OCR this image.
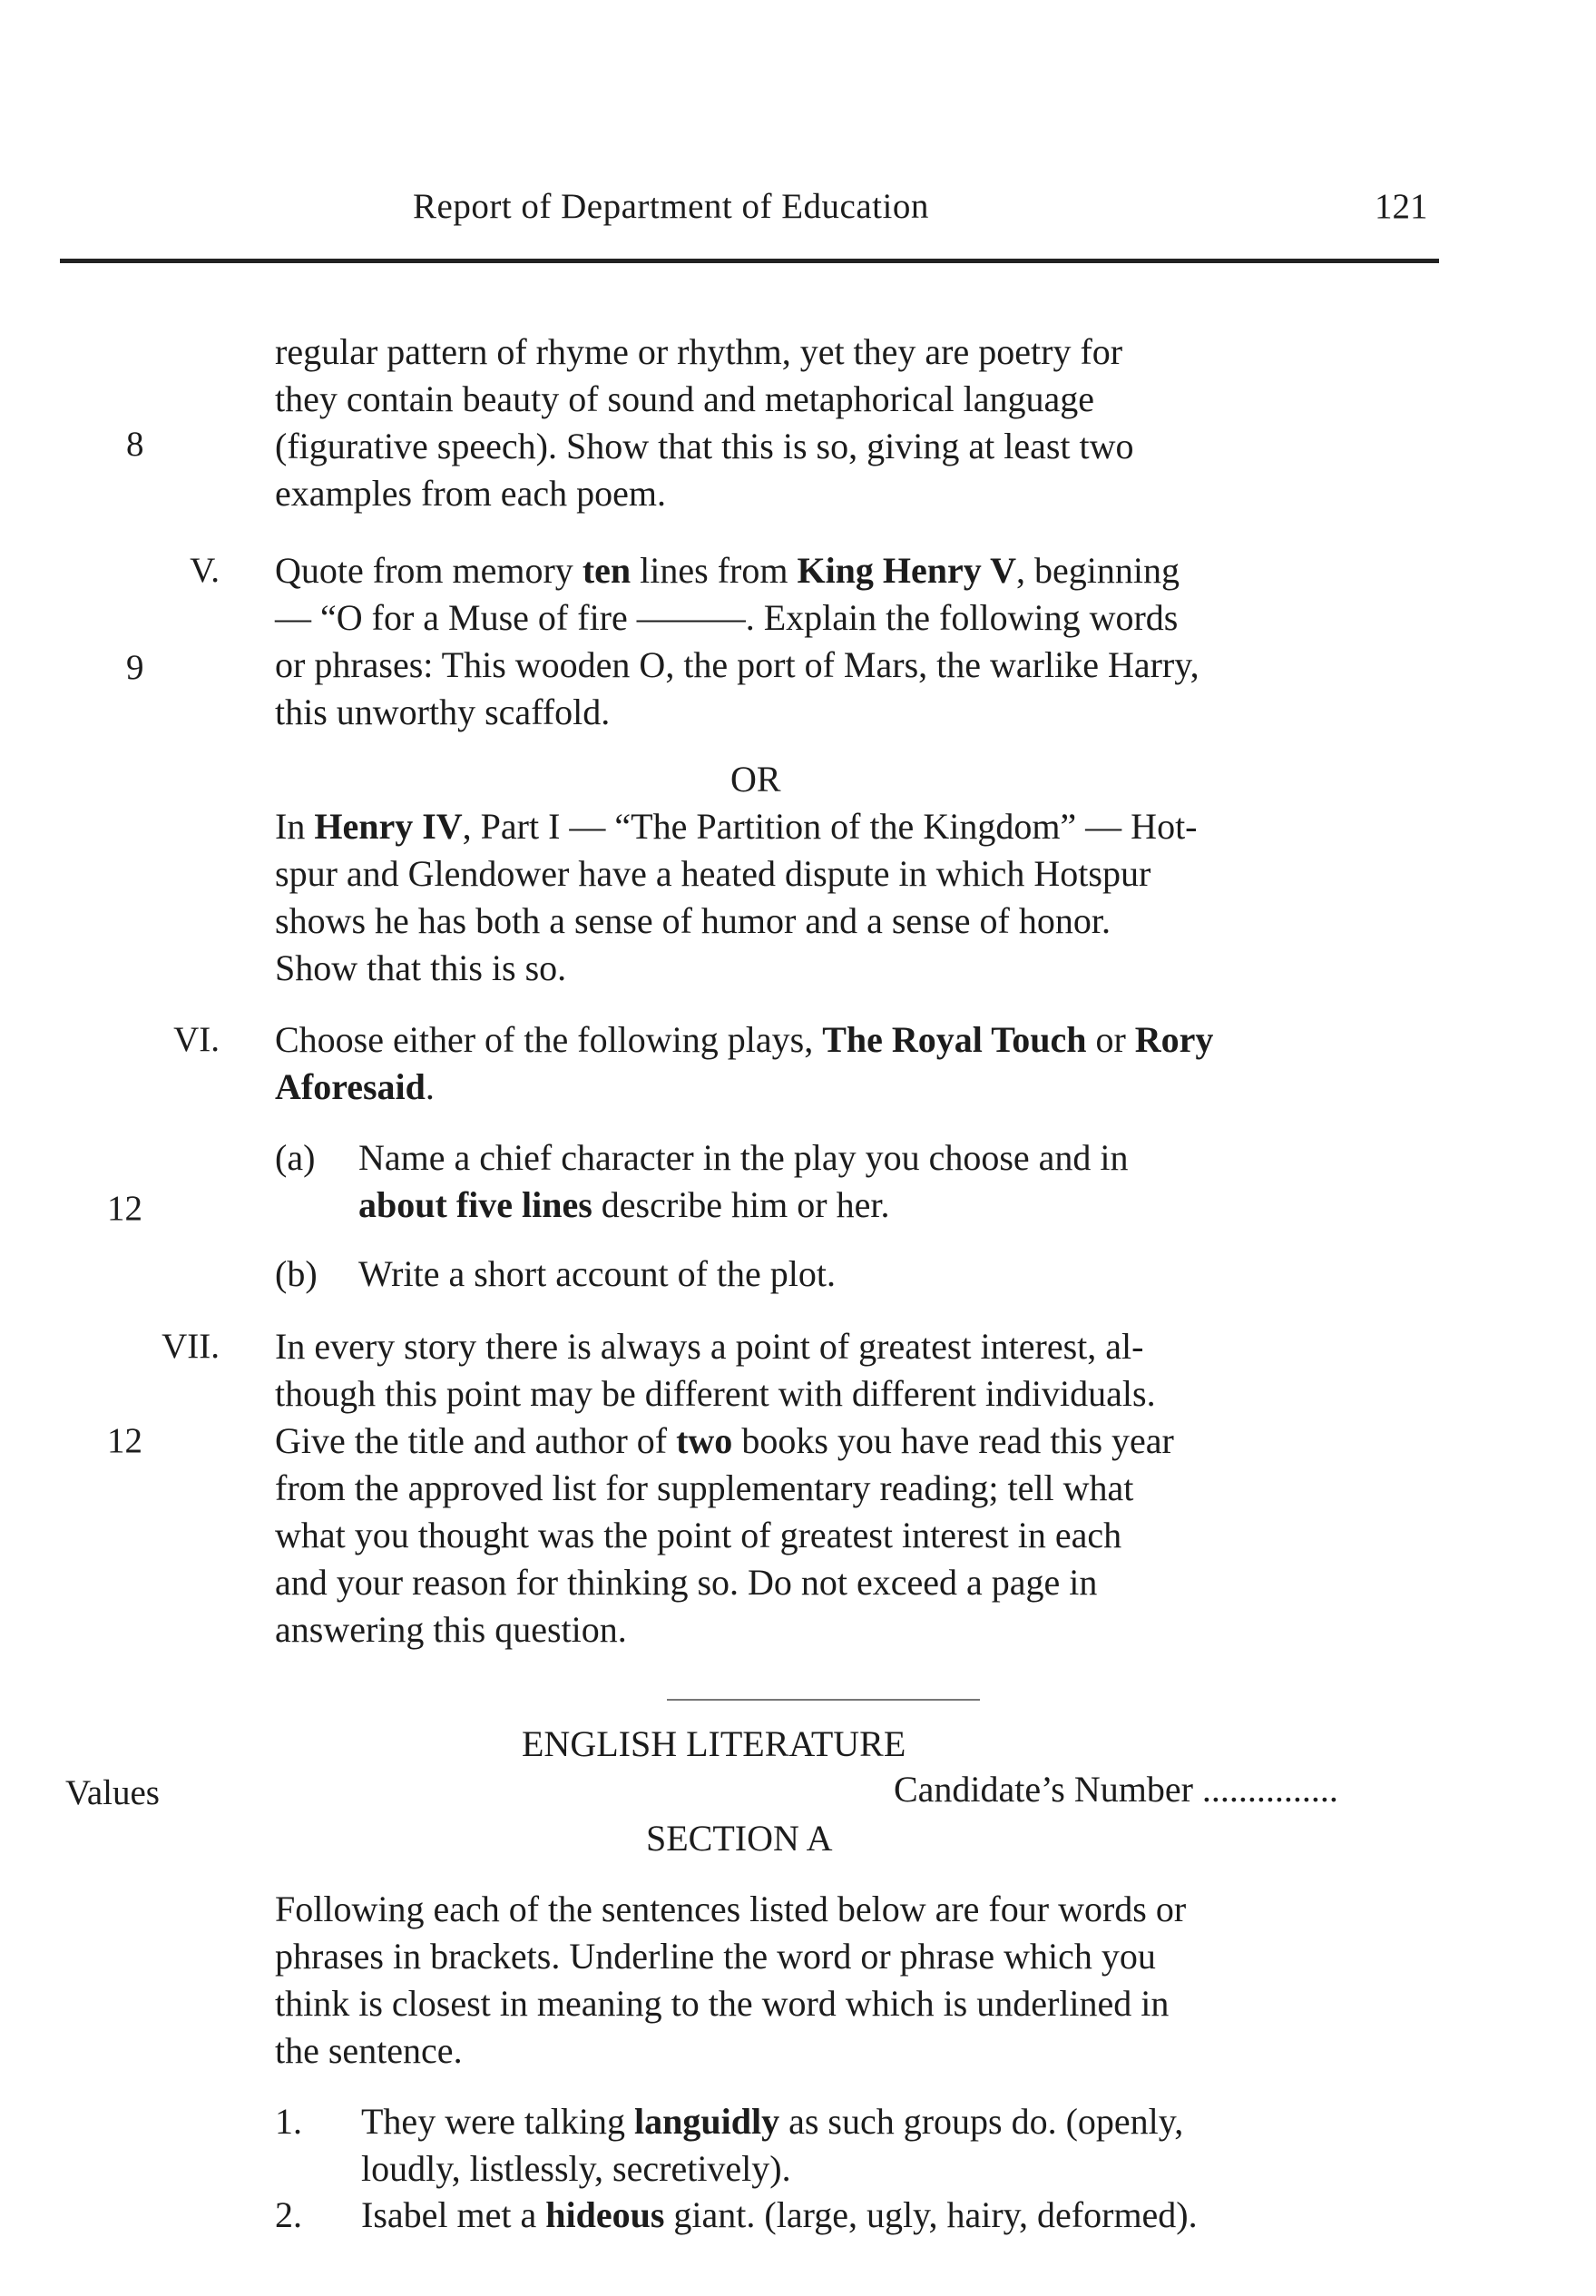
Report of Department of Education	121
8
regular pattern of rhyme or rhythm, yet they are poetry for
they contain beauty of sound and metaphorical language
(figurative speech). Show that this is so, giving at least two
examples from each poem.
V.
9
Quote from memory ten lines from King Henry V, beginning
— “O for a Muse of fire ———. Explain the following words
or phrases: This wooden O, the port of Mars, the warlike Harry,
this unworthy scaffold.
OR
In Henry IV, Part I — “The Partition of the Kingdom” — Hot-
spur and Glendower have a heated dispute in which Hotspur
shows he has both a sense of humor and a sense of honor.
Show that this is so.
VI. Choose either of the following plays, The Royal Touch or Rory
Aforesaid.
12
(a) Name a chief character in the play you choose and in
about five lines describe him or her.
(b) Write a short account of the plot.
VII.
12
In every story there is always a point of greatest interest, al-
though this point may be different with different individuals.
Give the title and author of two books you have read this year
from the approved list for supplementary reading; tell what
what you thought was the point of greatest interest in each
and your reason for thinking so. Do not exceed a page in
answering this question.
ENGLISH LITERATURE
Values	Candidate’s Number ...............
SECTION A
Following each of the sentences listed below are four words or
phrases in brackets. Underline the word or phrase which you
think is closest in meaning to the word which is underlined in
the sentence.
1. They were talking languidly as such groups do. (openly,
loudly, listlessly, secretively).
2. Isabel met a hideous giant. (large, ugly, hairy, deformed).
